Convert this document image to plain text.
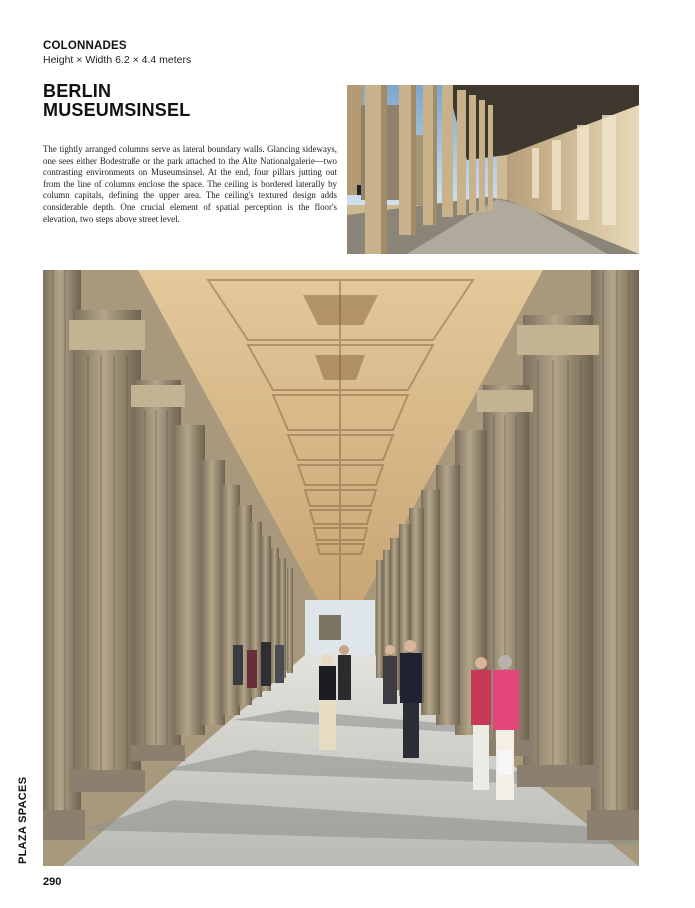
COLONNADES
Height × Width 6.2 × 4.4 meters
BERLIN
MUSEUMSINSEL

The tightly arranged columns serve as lateral boundary walls. Glancing sideways, one sees either Bodestraße or the park attached to the Alte Nationalgalerie—two contrasting environments on Museumsinsel. At the end, four pillars jutting out from the line of columns enclose the space. The ceiling is bordered laterally by column capitals, defining the upper area. The ceiling's textured design adds considerable depth. One crucial element of spatial perception is the floor's elevation, two steps above street level.

PLAZA SPACES
290
